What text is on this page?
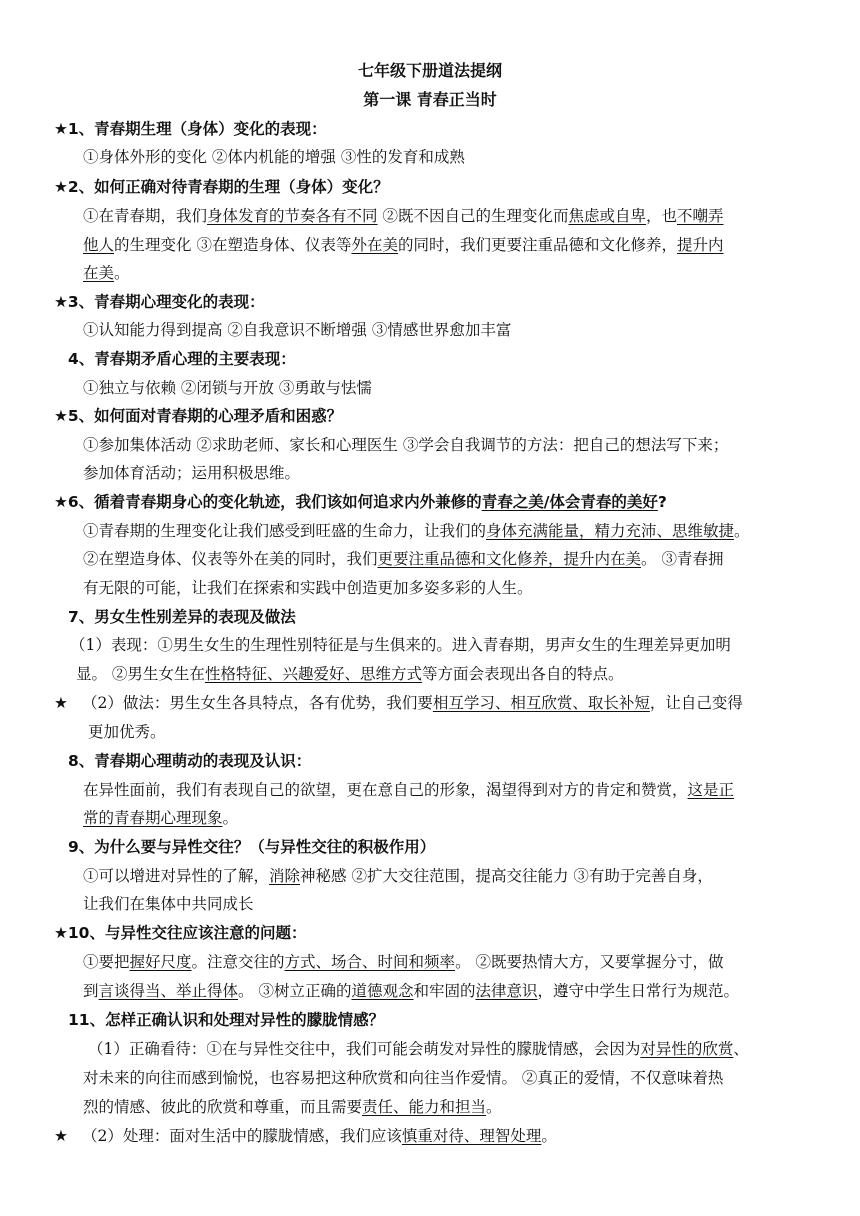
七年级下册道法提纲
第一课 青春正当时
★1、青春期生理（身体）变化的表现：
①身体外形的变化 ②体内机能的增强 ③性的发育和成熟
★2、如何正确对待青春期的生理（身体）变化？
①在青春期，我们身体发育的节奏各有不同 ②既不因自己的生理变化而焦虑或自卑，也不嘲弄
他人的生理变化 ③在塑造身体、仪表等外在美的同时，我们更要注重品德和文化修养，提升内
在美。
★3、青春期心理变化的表现：
①认知能力得到提高 ②自我意识不断增强 ③情感世界愈加丰富
4、青春期矛盾心理的主要表现：
①独立与依赖 ②闭锁与开放 ③勇敢与怯懦
★5、如何面对青春期的心理矛盾和困惑？
①参加集体活动 ②求助老师、家长和心理医生 ③学会自我调节的方法：把自己的想法写下来；
参加体育活动；运用积极思维。
★6、循着青春期身心的变化轨迹，我们该如何追求内外兼修的青春之美/体会青春的美好?
①青春期的生理变化让我们感受到旺盛的生命力，让我们的身体充满能量，精力充沛、思维敏捷。
②在塑造身体、仪表等外在美的同时，我们更要注重品德和文化修养，提升内在美。 ③青春拥
有无限的可能，让我们在探索和实践中创造更加多姿多彩的人生。
7、男女生性别差异的表现及做法
（1）表现：①男生女生的生理性别特征是与生俱来的。进入青春期，男声女生的生理差异更加明
显。 ②男生女生在性格特征、兴趣爱好、思维方式等方面会表现出各自的特点。
★ （2）做法：男生女生各具特点，各有优势，我们要相互学习、相互欣赏、取长补短，让自己变得
更加优秀。
8、青春期心理萌动的表现及认识：
在异性面前，我们有表现自己的欲望，更在意自己的形象，渴望得到对方的肯定和赞赏，这是正
常的青春期心理现象。
9、为什么要与异性交往？（与异性交往的积极作用）
①可以增进对异性的了解，消除神秘感 ②扩大交往范围，提高交往能力 ③有助于完善自身，
让我们在集体中共同成长
★10、与异性交往应该注意的问题：
①要把握好尺度。注意交往的方式、场合、时间和频率。 ②既要热情大方，又要掌握分寸，做
到言谈得当、举止得体。 ③树立正确的道德观念和牢固的法律意识，遵守中学生日常行为规范。
11、怎样正确认识和处理对异性的朦胧情感？
（1）正确看待：①在与异性交往中，我们可能会萌发对异性的朦胧情感，会因为对异性的欣赏、
对未来的向往而感到愉悦，也容易把这种欣赏和向往当作爱情。 ②真正的爱情，不仅意味着热
烈的情感、彼此的欣赏和尊重，而且需要责任、能力和担当。
★ （2）处理：面对生活中的朦胧情感，我们应该慎重对待、理智处理。
